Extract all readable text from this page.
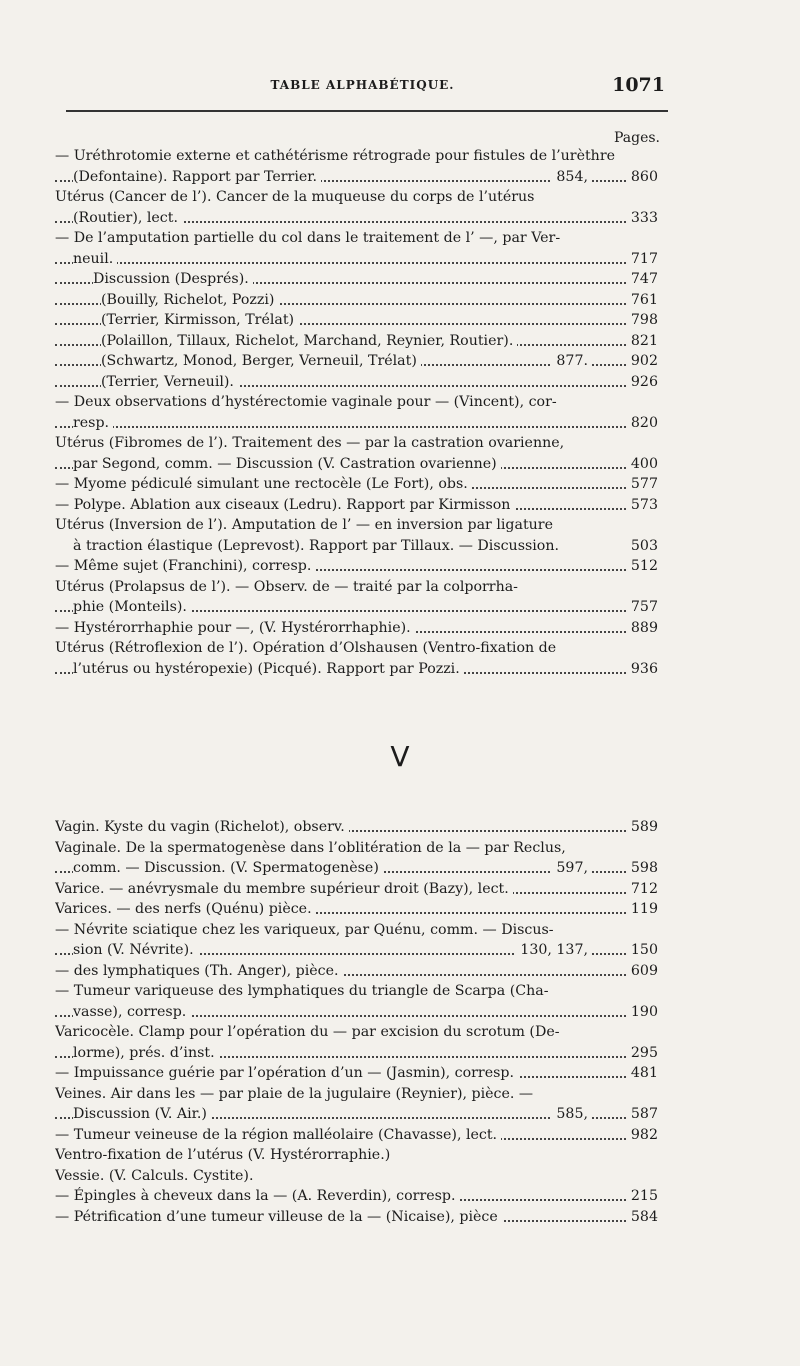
TABLE ALPHABÉTIQUE.	1071
Pages.
— Uréthrotomie externe et cathétérisme rétrograde pour fistules de l’urèthre
(Defontaine). Rapport par Terrier.	854,	860
Utérus (Cancer de l’). Cancer de la muqueuse du corps de l’utérus
(Routier), lect.	333
— De l’amputation partielle du col dans le traitement de l’ —, par Ver-
neuil.	717
Discussion (Després).	747
(Bouilly, Richelot, Pozzi)	761
(Terrier, Kirmisson, Trélat)	798
(Polaillon, Tillaux, Richelot, Marchand, Reynier, Routier).	821
(Schwartz, Monod, Berger, Verneuil, Trélat)	877.	902
(Terrier, Verneuil).	926
— Deux observations d’hystérectomie vaginale pour — (Vincent), cor-
resp.	820
Utérus (Fibromes de l’). Traitement des — par la castration ovarienne,
par Segond, comm. — Discussion (V. Castration ovarienne)	400
— Myome pédiculé simulant une rectocèle (Le Fort), obs.	577
— Polype. Ablation aux ciseaux (Ledru). Rapport par Kirmisson	573
Utérus (Inversion de l’). Amputation de l’ — en inversion par ligature
à traction élastique (Leprevost). Rapport par Tillaux. — Discussion.	503
— Même sujet (Franchini), corresp.	512
Utérus (Prolapsus de l’). — Observ. de — traité par la colporrha-
phie (Monteils).	757
— Hystérorrhaphie pour —, (V. Hystérorrhaphie).	889
Utérus (Rétroflexion de l’). Opération d’Olshausen (Ventro-fixation de
l’utérus ou hystéropexie) (Picqué). Rapport par Pozzi.	936
V
Vagin. Kyste du vagin (Richelot), observ.	589
Vaginale. De la spermatogenèse dans l’oblitération de la — par Reclus,
comm. — Discussion. (V. Spermatogenèse)	597,	598
Varice. — anévrysmale du membre supérieur droit (Bazy), lect.	712
Varices. — des nerfs (Quénu) pièce.	119
— Névrite sciatique chez les variqueux, par Quénu, comm. — Discus-
sion (V. Névrite).	130, 137,	150
— des lymphatiques (Th. Anger), pièce.	609
— Tumeur variqueuse des lymphatiques du triangle de Scarpa (Cha-
vasse), corresp.	190
Varicocèle. Clamp pour l’opération du — par excision du scrotum (De-
lorme), prés. d’inst.	295
— Impuissance guérie par l’opération d’un — (Jasmin), corresp.	481
Veines. Air dans les — par plaie de la jugulaire (Reynier), pièce. —
Discussion (V. Air.)	585,	587
— Tumeur veineuse de la région malléolaire (Chavasse), lect.	982
Ventro-fixation de l’utérus (V. Hystérorraphie.)
Vessie. (V. Calculs. Cystite).
— Épingles à cheveux dans la — (A. Reverdin), corresp.	215
— Pétrification d’une tumeur villeuse de la — (Nicaise), pièce	584
